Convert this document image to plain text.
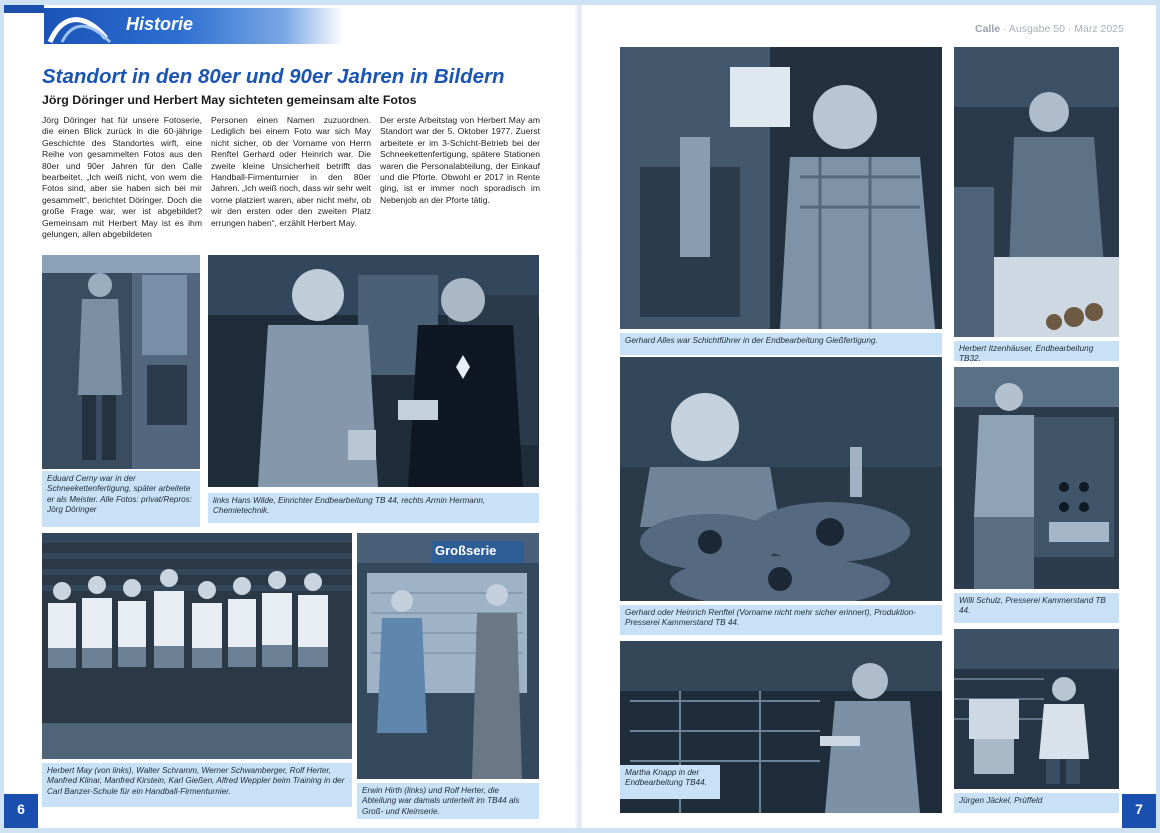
Historie
Standort in den 80er und 90er Jahren in Bildern
Jörg Döringer und Herbert May sichteten gemeinsam alte Fotos

Jörg Döringer hat für unsere Fotoserie, die einen Blick zurück in die 60-jährige Geschichte des Standortes wirft, eine Reihe von gesammelten Fotos aus den 80er und 90er Jahren für den Calle bearbeitet. „Ich weiß nicht, von wem die Fotos sind, aber sie haben sich bei mir gesammelt“, berichtet Döringer. Doch die große Frage war, wer ist abgebildet? Gemeinsam mit Herbert May ist es ihm gelungen, allen abgebildeten

Personen einen Namen zuzuordnen. Lediglich bei einem Foto war sich May nicht sicher, ob der Vorname von Herrn Renftel Gerhard oder Heinrich war. Die zweite kleine Unsicherheit betrifft das Handball-Firmenturnier in den 80er Jahren. „Ich weiß noch, dass wir sehr weit vorne platziert waren, aber nicht mehr, ob wir den ersten oder den zweiten Platz errungen haben“, erzählt Herbert May.

Der erste Arbeitstag von Herbert May am Standort war der 5. Oktober 1977. Zuerst arbeitete er im 3-Schicht-Betrieb bei der Schneekettenfertigung, spätere Stationen waren die Personalabteilung, der Einkauf und die Pforte. Obwohl er 2017 in Rente ging, ist er immer noch sporadisch im Nebenjob an der Pforte tätig.

Eduard Cerny war in der Schneekettenfertigung, später arbeitete er als Meister. Alle Fotos: privat/Repros: Jörg Döringer
links Hans Wilde, Einrichter Endbearbeitung TB 44, rechts Armin Hermann, Chemietechnik.
Herbert May (von links), Walter Schramm, Werner Schwamberger, Rolf Herter, Manfred Klinar, Manfred Kirstein, Karl Gießen, Alfred Weppler beim Training in der Carl Banzer-Schule für ein Handball-Firmenturnier.
Großserie
Erwin Hirth (links) und Rolf Herter, die Abteilung war damals unterteilt im TB44 als Groß- und Kleinserie.
6
Calle · Ausgabe 50 · März 2025
Gerhard Alles war Schichtführer in der Endbearbeitung Gießfertigung.
Herbert Itzenhäuser, Endbearbeitung TB32.
Gerhard oder Heinrich Renftel (Vorname nicht mehr sicher erinnert), Produktion-Presserei Kammerstand TB 44.
Willi Schulz, Presserei Kammerstand TB 44.
Martha Knapp in der Endbearbeitung TB44.
Jürgen Jäckel, Prüffeld
7
